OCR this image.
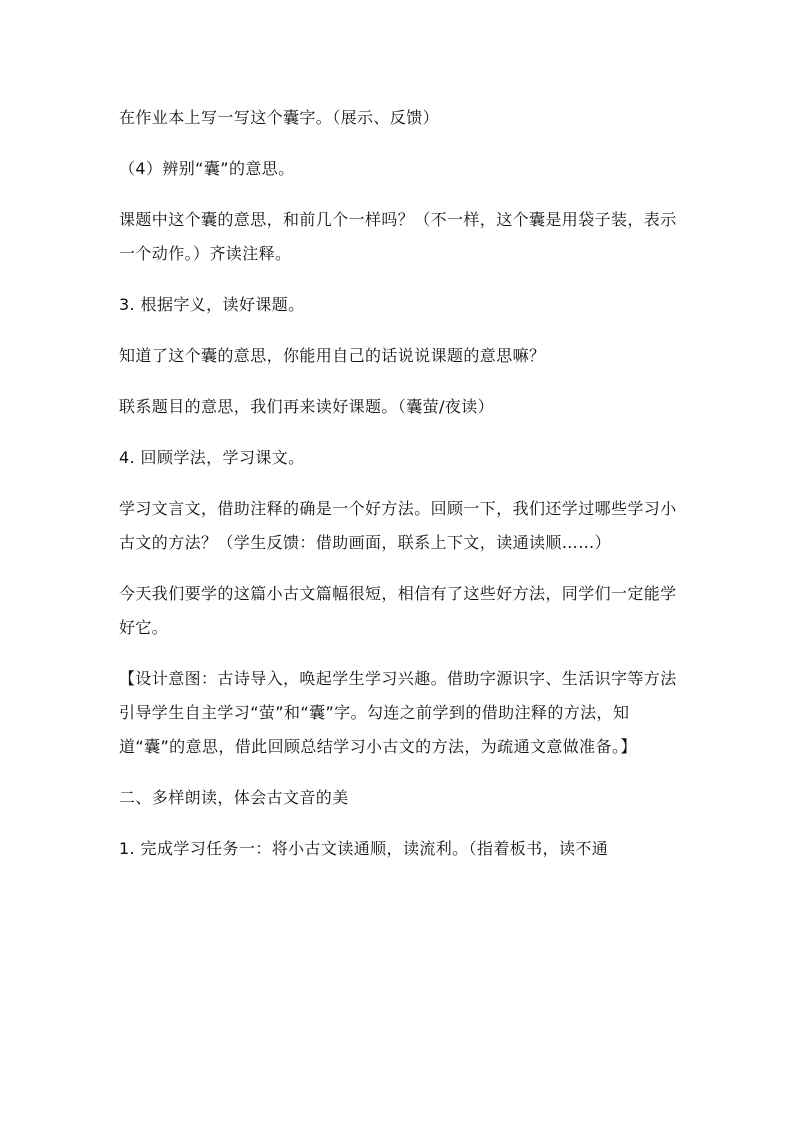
在作业本上写一写这个囊字。（展示、反馈）

（4）辨别“囊”的意思。

课题中这个囊的意思，和前几个一样吗？（不一样，这个囊是用袋子装，表示一个动作。）齐读注释。

3. 根据字义，读好课题。

知道了这个囊的意思，你能用自己的话说说课题的意思嘛？

联系题目的意思，我们再来读好课题。（囊萤/夜读）

4. 回顾学法，学习课文。

学习文言文，借助注释的确是一个好方法。回顾一下，我们还学过哪些学习小古文的方法？（学生反馈：借助画面，联系上下文，读通读顺……）

今天我们要学的这篇小古文篇幅很短，相信有了这些好方法，同学们一定能学好它。

【设计意图：古诗导入，唤起学生学习兴趣。借助字源识字、生活识字等方法引导学生自主学习“萤”和“囊”字。勾连之前学到的借助注释的方法，知道“囊”的意思，借此回顾总结学习小古文的方法，为疏通文意做准备。】

二、多样朗读，体会古文音的美

1. 完成学习任务一：将小古文读通顺，读流利。（指着板书，读不通
